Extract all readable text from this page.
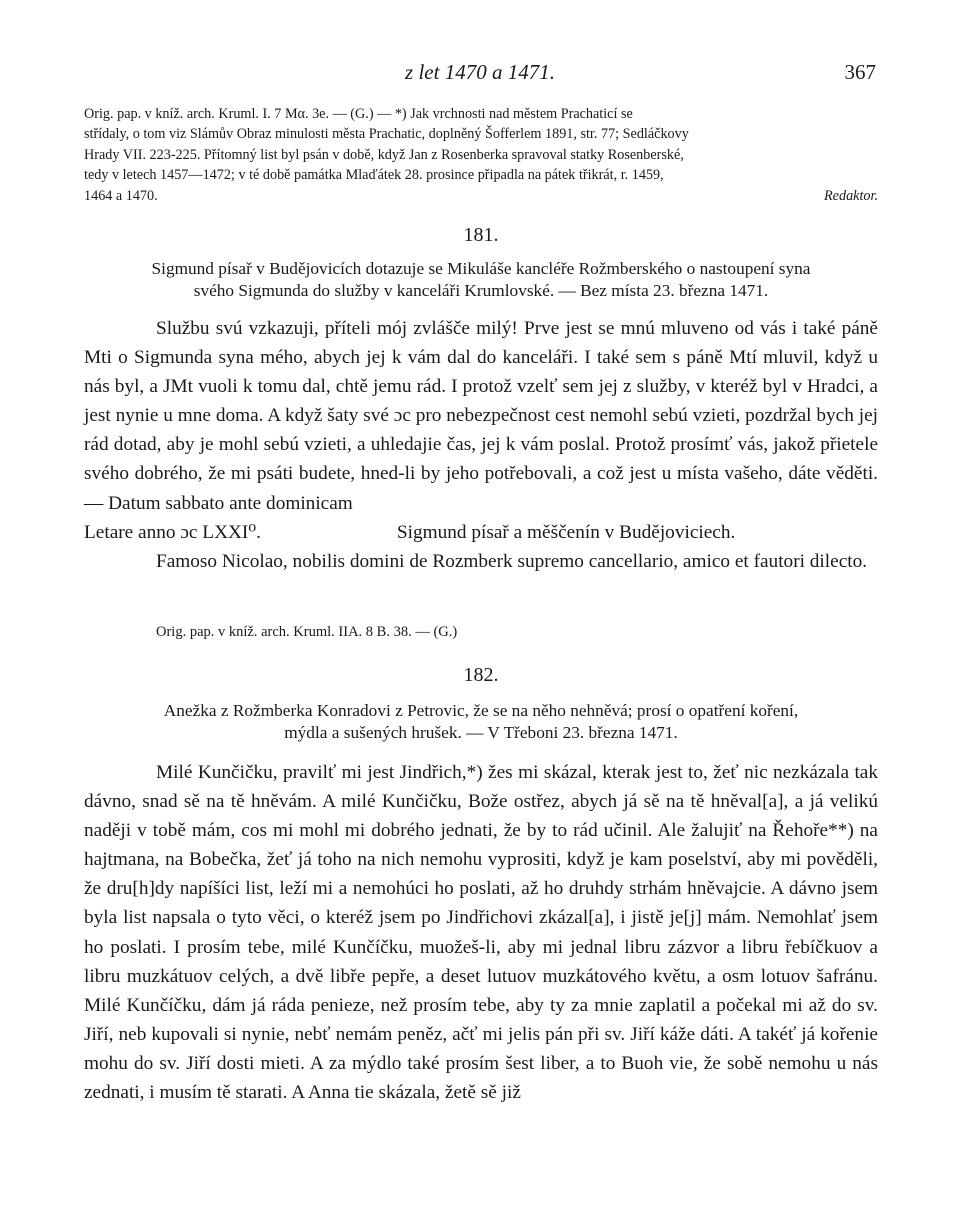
z let 1470 a 1471.	367

Orig. pap. v kníž. arch. Kruml. I. 7 Mα. 3e. — (G.) — *) Jak vrchnosti nad městem Prachaticí se

střídaly, o tom viz Slámův Obraz minulosti města Prachatic, doplněný Šofferlem 1891, str. 77; Sedláčkovy

Hrady VII. 223-225. Přítomný list byl psán v době, když Jan z Rosenberka spravoval statky Rosenberské,

tedy v letech 1457—1472; v té době památka Mlaďátek 28. prosince připadla na pátek třikrát, r. 1459,

1464 a 1470.	Redaktor.

181.

Sigmund písař v Budějovicích dotazuje se Mikuláše kancléře Rožmberského o nastoupení syna

svého Sigmunda do služby v kanceláři Krumlovské. — Bez místa 23. března 1471.

Službu svú vzkazuji, příteli mój zvlášče milý! Prve jest se mnú mluveno od vás i také páně Mti o Sigmunda syna mého, abych jej k vám dal do kanceláři. I také sem s páně Mtí mluvil, když u nás byl, a JMt vuoli k tomu dal, chtě jemu rád. I protož vzelť sem jej z služby, v kteréž byl v Hradci, a jest nynie u mne doma. A když šaty své ɔc pro nebezpečnost cest nemohl sebú vzieti, pozdržal bych jej rád dotad, aby je mohl sebú vzieti, a uhledajie čas, jej k vám poslal. Protož prosímť vás, jakož přietele svého dobrého, že mi psáti budete, hned-li by jeho potřebovali, a což jest u místa vašeho, dáte věděti. — Datum sabbato ante dominicam

Letare anno ɔc LXXI⁰.	Sigmund písař a měščenín v Budějoviciech.

Famoso Nicolao, nobilis domini de Rozmberk supremo cancellario, amico et fautori dilecto.

Orig. pap. v kníž. arch. Kruml. IIA. 8 B. 38. — (G.)
182.

Anežka z Rožmberka Konradovi z Petrovic, že se na něho nehněvá; prosí o opatření koření,

mýdla a sušených hrušek. — V Třeboni 23. března 1471.

Milé Kunčičku, pravilť mi jest Jindřich,*) žes mi skázal, kterak jest to, žeť nic nezkázala tak dávno, snad sě na tě hněvám. A milé Kunčičku, Bože ostřez, abych já sě na tě hněval[a], a já velikú naději v tobě mám, cos mi mohl mi dobrého jednati, že by to rád učinil. Ale žalujiť na Řehoře**) na hajtmana, na Bobečka, žeť já toho na nich nemohu vyprositi, když je kam poselství, aby mi pověděli, že dru[h]dy napíšíci list, leží mi a nemohúci ho poslati, až ho druhdy strhám hněvajcie. A dávno jsem byla list napsala o tyto věci, o kteréž jsem po Jindřichovi zkázal[a], i jistě je[j] mám. Nemohlať jsem ho poslati. I prosím tebe, milé Kunčíčku, muožeš-li, aby mi jednal libru zázvor a libru řebíčkuov a libru muzkátuov celých, a dvě libře pepře, a deset lutuov muzkátového květu, a osm lotuov šafránu. Milé Kunčíčku, dám já ráda penieze, než prosím tebe, aby ty za mnie zaplatil a počekal mi až do sv. Jiří, neb kupovali si nynie, nebť nemám peněz, ačť mi jelis pán při sv. Jiří káže dáti. A takéť já kořenie mohu do sv. Jiří dosti mieti. A za mýdlo také prosím šest liber, a to Buoh vie, že sobě nemohu u nás zednati, i musím tě starati. A Anna tie skázala, žetě sě již
